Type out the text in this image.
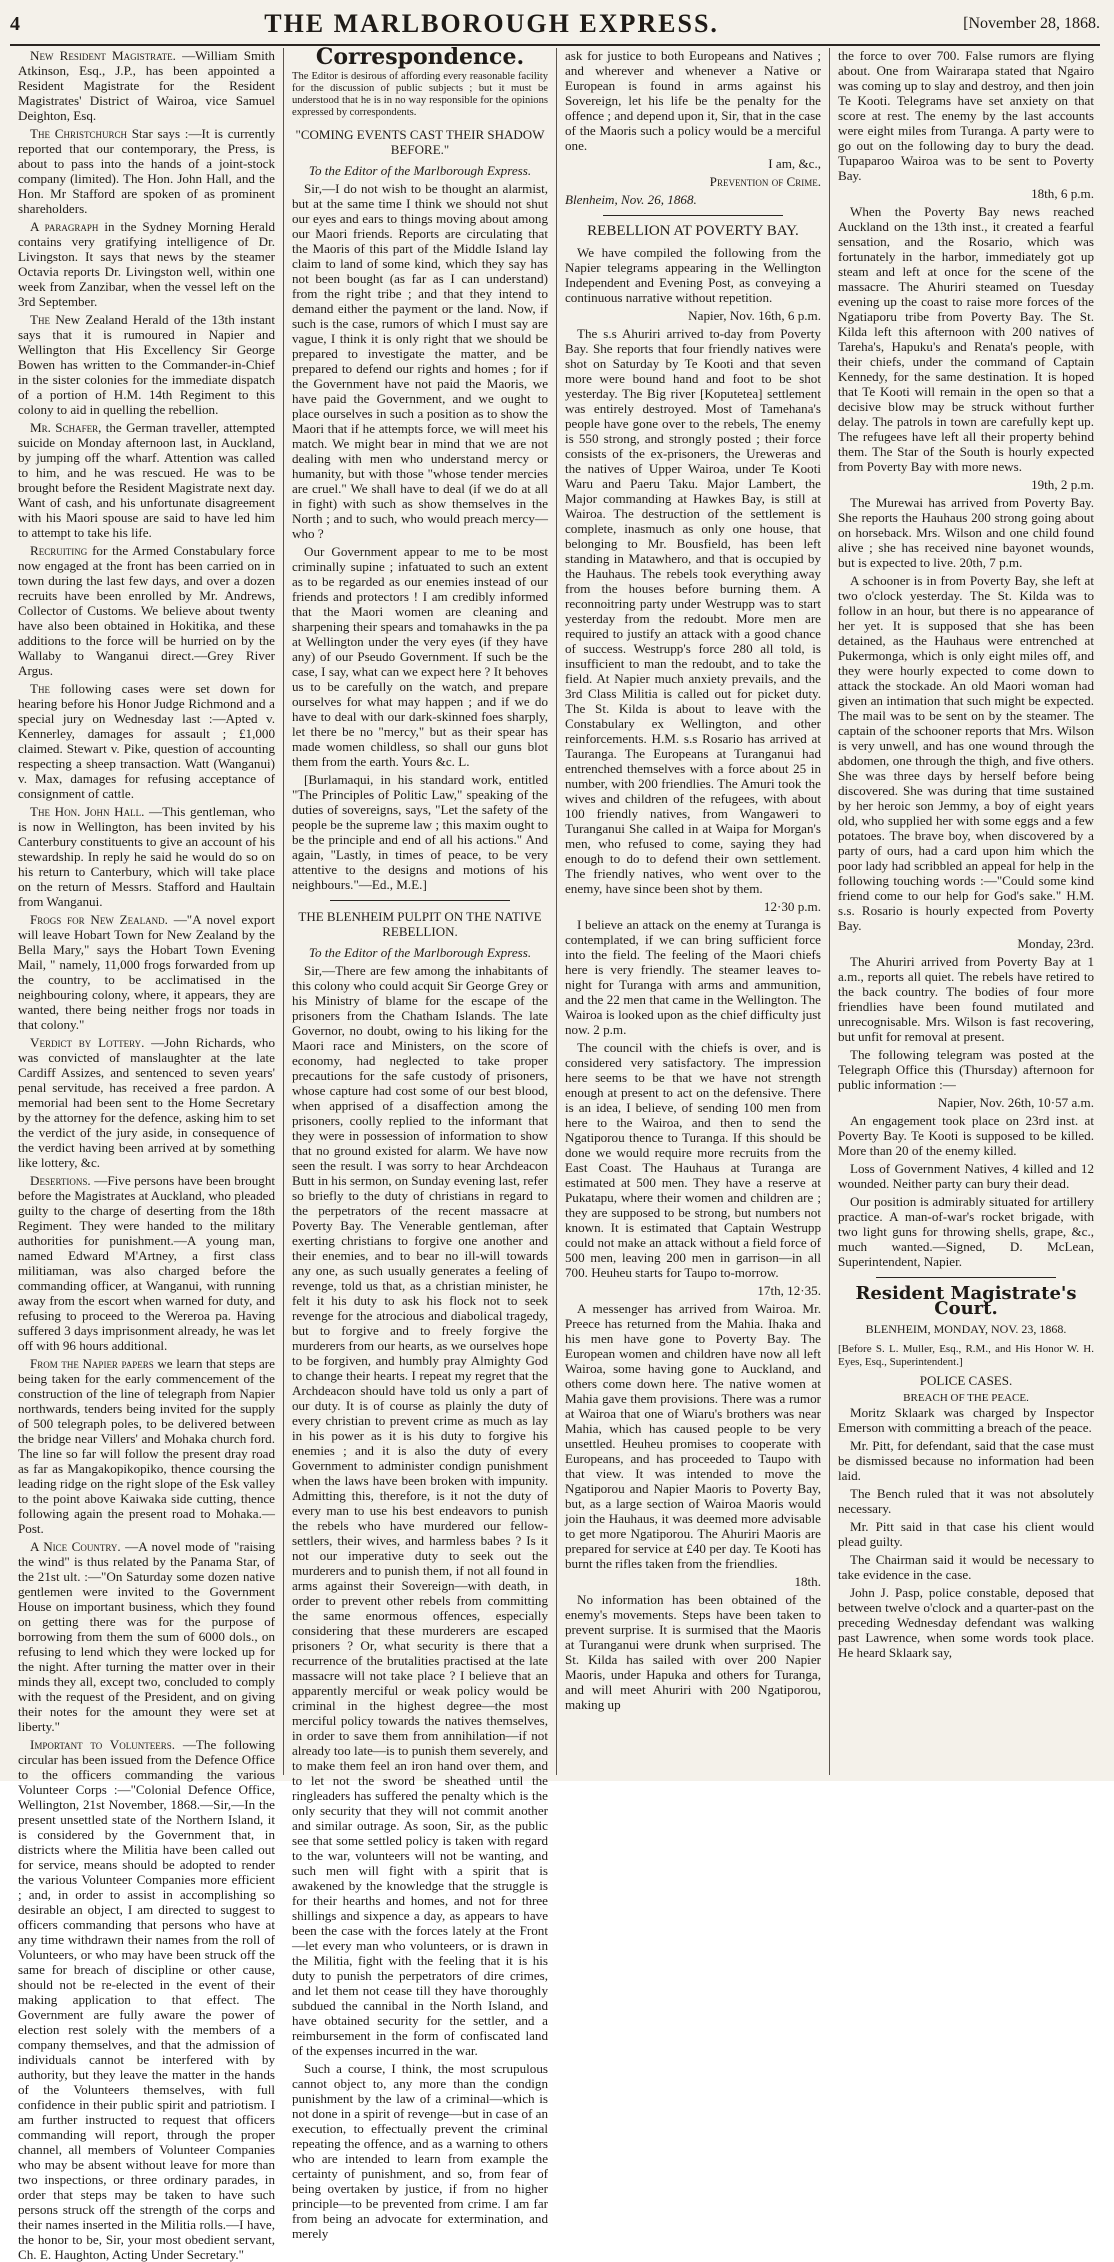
4	THE MARLBOROUGH EXPRESS.	[November 28, 1868.

New Resident Magistrate. —William Smith Atkinson, Esq., J.P., has been appointed a Resident Magistrate for the Resident Magistrates' District of Wairoa, vice Samuel Deighton, Esq.

The Christchurch Star says :—It is currently reported that our contemporary, the Press, is about to pass into the hands of a joint-stock company (limited). The Hon. John Hall, and the Hon. Mr Stafford are spoken of as prominent shareholders.

A paragraph in the Sydney Morning Herald contains very gratifying intelligence of Dr. Livingston. It says that news by the steamer Octavia reports Dr. Livingston well, within one week from Zanzibar, when the vessel left on the 3rd September.

The New Zealand Herald of the 13th instant says that it is rumoured in Napier and Wellington that His Excellency Sir George Bowen has written to the Commander-in-Chief in the sister colonies for the immediate dispatch of a portion of H.M. 14th Regiment to this colony to aid in quelling the rebellion.

Mr. Schafer, the German traveller, attempted suicide on Monday afternoon last, in Auckland, by jumping off the wharf. Attention was called to him, and he was rescued. He was to be brought before the Resident Magistrate next day. Want of cash, and his unfortunate disagreement with his Maori spouse are said to have led him to attempt to take his life.

Recruiting for the Armed Constabulary force now engaged at the front has been carried on in town during the last few days, and over a dozen recruits have been enrolled by Mr. Andrews, Collector of Customs. We believe about twenty have also been obtained in Hokitika, and these additions to the force will be hurried on by the Wallaby to Wanganui direct.—Grey River Argus.

The following cases were set down for hearing before his Honor Judge Richmond and a special jury on Wednesday last :—Apted v. Kennerley, damages for assault ; £1,000 claimed. Stewart v. Pike, question of accounting respecting a sheep transaction. Watt (Wanganui) v. Max, damages for refusing acceptance of consignment of cattle.

The Hon. John Hall. —This gentleman, who is now in Wellington, has been invited by his Canterbury constituents to give an account of his stewardship. In reply he said he would do so on his return to Canterbury, which will take place on the return of Messrs. Stafford and Haultain from Wanganui.

Frogs for New Zealand. —"A novel export will leave Hobart Town for New Zealand by the Bella Mary," says the Hobart Town Evening Mail, " namely, 11,000 frogs forwarded from up the country, to be acclimatised in the neighbouring colony, where, it appears, they are wanted, there being neither frogs nor toads in that colony."

Verdict by Lottery. —John Richards, who was convicted of manslaughter at the late Cardiff Assizes, and sentenced to seven years' penal servitude, has received a free pardon. A memorial had been sent to the Home Secretary by the attorney for the defence, asking him to set the verdict of the jury aside, in consequence of the verdict having been arrived at by something like lottery, &c.

Desertions. —Five persons have been brought before the Magistrates at Auckland, who pleaded guilty to the charge of deserting from the 18th Regiment. They were handed to the military authorities for punishment.—A young man, named Edward M'Artney, a first class militiaman, was also charged before the commanding officer, at Wanganui, with running away from the escort when warned for duty, and refusing to proceed to the Wereroa pa. Having suffered 3 days imprisonment already, he was let off with 96 hours additional.

From the Napier papers we learn that steps are being taken for the early commencement of the construction of the line of telegraph from Napier northwards, tenders being invited for the supply of 500 telegraph poles, to be delivered between the bridge near Villers' and Mohaka church ford. The line so far will follow the present dray road as far as Mangakopikopiko, thence coursing the leading ridge on the right slope of the Esk valley to the point above Kaiwaka side cutting, thence following again the present road to Mohaka.—Post.

A Nice Country. —A novel mode of "raising the wind" is thus related by the Panama Star, of the 21st ult. :—"On Saturday some dozen native gentlemen were invited to the Government House on important business, which they found on getting there was for the purpose of borrowing from them the sum of 6000 dols., on refusing to lend which they were locked up for the night. After turning the matter over in their minds they all, except two, concluded to comply with the request of the President, and on giving their notes for the amount they were set at liberty."

Important to Volunteers. —The following circular has been issued from the Defence Office to the officers commanding the various Volunteer Corps :—"Colonial Defence Office, Wellington, 21st November, 1868.—Sir,—In the present unsettled state of the Northern Island, it is considered by the Government that, in districts where the Militia have been called out for service, means should be adopted to render the various Volunteer Companies more efficient ; and, in order to assist in accomplishing so desirable an object, I am directed to suggest to officers commanding that persons who have at any time withdrawn their names from the roll of Volunteers, or who may have been struck off the same for breach of discipline or other cause, should not be re-elected in the event of their making application to that effect. The Government are fully aware the power of election rest solely with the members of a company themselves, and that the admission of individuals cannot be interfered with by authority, but they leave the matter in the hands of the Volunteers themselves, with full confidence in their public spirit and patriotism. I am further instructed to request that officers commanding will report, through the proper channel, all members of Volunteer Companies who may be absent without leave for more than two inspections, or three ordinary parades, in order that steps may be taken to have such persons struck off the strength of the corps and their names inserted in the Militia rolls.—I have, the honor to be, Sir, your most obedient servant, Ch. E. Haughton, Acting Under Secretary."

Correspondence.

The Editor is desirous of affording every reasonable facility for the discussion of public subjects ; but it must be understood that he is in no way responsible for the opinions expressed by correspondents.

"COMING EVENTS CAST THEIR SHADOW BEFORE."

To the Editor of the Marlborough Express.

Sir,—I do not wish to be thought an alarmist, but at the same time I think we should not shut our eyes and ears to things moving about among our Maori friends. Reports are circulating that the Maoris of this part of the Middle Island lay claim to land of some kind, which they say has not been bought (as far as I can understand) from the right tribe ; and that they intend to demand either the payment or the land. Now, if such is the case, rumors of which I must say are vague, I think it is only right that we should be prepared to investigate the matter, and be prepared to defend our rights and homes ; for if the Government have not paid the Maoris, we have paid the Government, and we ought to place ourselves in such a position as to show the Maori that if he attempts force, we will meet his match. We might bear in mind that we are not dealing with men who understand mercy or humanity, but with those "whose tender mercies are cruel." We shall have to deal (if we do at all in fight) with such as show themselves in the North ; and to such, who would preach mercy—who ?

Our Government appear to me to be most criminally supine ; infatuated to such an extent as to be regarded as our enemies instead of our friends and protectors ! I am credibly informed that the Maori women are cleaning and sharpening their spears and tomahawks in the pa at Wellington under the very eyes (if they have any) of our Pseudo Government. If such be the case, I say, what can we expect here ? It behoves us to be carefully on the watch, and prepare ourselves for what may happen ; and if we do have to deal with our dark-skinned foes sharply, let there be no "mercy," but as their spear has made women childless, so shall our guns blot them from the earth. Yours &c. L.

[Burlamaqui, in his standard work, entitled "The Principles of Politic Law," speaking of the duties of sovereigns, says, "Let the safety of the people be the supreme law ; this maxim ought to be the principle and end of all his actions." And again, "Lastly, in times of peace, to be very attentive to the designs and motions of his neighbours."—Ed., M.E.]

THE BLENHEIM PULPIT ON THE NATIVE REBELLION.

To the Editor of the Marlborough Express.

Sir,—There are few among the inhabitants of this colony who could acquit Sir George Grey or his Ministry of blame for the escape of the prisoners from the Chatham Islands. The late Governor, no doubt, owing to his liking for the Maori race and Ministers, on the score of economy, had neglected to take proper precautions for the safe custody of prisoners, whose capture had cost some of our best blood, when apprised of a disaffection among the prisoners, coolly replied to the informant that they were in possession of information to show that no ground existed for alarm. We have now seen the result. I was sorry to hear Archdeacon Butt in his sermon, on Sunday evening last, refer so briefly to the duty of christians in regard to the perpetrators of the recent massacre at Poverty Bay. The Venerable gentleman, after exerting christians to forgive one another and their enemies, and to bear no ill-will towards any one, as such usually generates a feeling of revenge, told us that, as a christian minister, he felt it his duty to ask his flock not to seek revenge for the atrocious and diabolical tragedy, but to forgive and to freely forgive the murderers from our hearts, as we ourselves hope to be forgiven, and humbly pray Almighty God to change their hearts. I repeat my regret that the Archdeacon should have told us only a part of our duty. It is of course as plainly the duty of every christian to prevent crime as much as lay in his power as it is his duty to forgive his enemies ; and it is also the duty of every Government to administer condign punishment when the laws have been broken with impunity. Admitting this, therefore, is it not the duty of every man to use his best endeavors to punish the rebels who have murdered our fellow-settlers, their wives, and harmless babes ? Is it not our imperative duty to seek out the murderers and to punish them, if not all found in arms against their Sovereign—with death, in order to prevent other rebels from committing the same enormous offences, especially considering that these murderers are escaped prisoners ? Or, what security is there that a recurrence of the brutalities practised at the late massacre will not take place ? I believe that an apparently merciful or weak policy would be criminal in the highest degree—the most merciful policy towards the natives themselves, in order to save them from annihilation—if not already too late—is to punish them severely, and to make them feel an iron hand over them, and to let not the sword be sheathed until the ringleaders has suffered the penalty which is the only security that they will not commit another and similar outrage. As soon, Sir, as the public see that some settled policy is taken with regard to the war, volunteers will not be wanting, and such men will fight with a spirit that is awakened by the knowledge that the struggle is for their hearths and homes, and not for three shillings and sixpence a day, as appears to have been the case with the forces lately at the Front—let every man who volunteers, or is drawn in the Militia, fight with the feeling that it is his duty to punish the perpetrators of dire crimes, and let them not cease till they have thoroughly subdued the cannibal in the North Island, and have obtained security for the settler, and a reimbursement in the form of confiscated land of the expenses incurred in the war.

Such a course, I think, the most scrupulous cannot object to, any more than the condign punishment by the law of a criminal—which is not done in a spirit of revenge—but in case of an execution, to effectually prevent the criminal repeating the offence, and as a warning to others who are intended to learn from example the certainty of punishment, and so, from fear of being overtaken by justice, if from no higher principle—to be prevented from crime. I am far from being an advocate for extermination, and merely

ask for justice to both Europeans and Natives ; and wherever and whenever a Native or European is found in arms against his Sovereign, let his life be the penalty for the offence ; and depend upon it, Sir, that in the case of the Maoris such a policy would be a merciful one.

I am, &c.,

Prevention of Crime.

Blenheim, Nov. 26, 1868.

REBELLION AT POVERTY BAY.

We have compiled the following from the Napier telegrams appearing in the Wellington Independent and Evening Post, as conveying a continuous narrative without repetition.

Napier, Nov. 16th, 6 p.m.

The s.s Ahuriri arrived to-day from Poverty Bay. She reports that four friendly natives were shot on Saturday by Te Kooti and that seven more were bound hand and foot to be shot yesterday. The Big river [Koputetea] settlement was entirely destroyed. Most of Tamehana's people have gone over to the rebels, The enemy is 550 strong, and strongly posted ; their force consists of the ex-prisoners, the Ureweras and the natives of Upper Wairoa, under Te Kooti Waru and Paeru Taku. Major Lambert, the Major commanding at Hawkes Bay, is still at Wairoa. The destruction of the settlement is complete, inasmuch as only one house, that belonging to Mr. Bousfield, has been left standing in Matawhero, and that is occupied by the Hauhaus. The rebels took everything away from the houses before burning them. A reconnoitring party under Westrupp was to start yesterday from the redoubt. More men are required to justify an attack with a good chance of success. Westrupp's force 280 all told, is insufficient to man the redoubt, and to take the field. At Napier much anxiety prevails, and the 3rd Class Militia is called out for picket duty. The St. Kilda is about to leave with the Constabulary ex Wellington, and other reinforcements. H.M. s.s Rosario has arrived at Tauranga. The Europeans at Turanganui had entrenched themselves with a force about 25 in number, with 200 friendlies. The Amuri took the wives and children of the refugees, with about 100 friendly natives, from Wangaweri to Turanganui She called in at Waipa for Morgan's men, who refused to come, saying they had enough to do to defend their own settlement. The friendly natives, who went over to the enemy, have since been shot by them.

12·30 p.m.

I believe an attack on the enemy at Turanga is contemplated, if we can bring sufficient force into the field. The feeling of the Maori chiefs here is very friendly. The steamer leaves to-night for Turanga with arms and ammunition, and the 22 men that came in the Wellington. The Wairoa is looked upon as the chief difficulty just now. 2 p.m.

The council with the chiefs is over, and is considered very satisfactory. The impression here seems to be that we have not strength enough at present to act on the defensive. There is an idea, I believe, of sending 100 men from here to the Wairoa, and then to send the Ngatiporou thence to Turanga. If this should be done we would require more recruits from the East Coast. The Hauhaus at Turanga are estimated at 500 men. They have a reserve at Pukatapu, where their women and children are ; they are supposed to be strong, but numbers not known. It is estimated that Captain Westrupp could not make an attack without a field force of 500 men, leaving 200 men in garrison—in all 700. Heuheu starts for Taupo to-morrow.

17th, 12·35.

A messenger has arrived from Wairoa. Mr. Preece has returned from the Mahia. Ihaka and his men have gone to Poverty Bay. The European women and children have now all left Wairoa, some having gone to Auckland, and others come down here. The native women at Mahia gave them provisions. There was a rumor at Wairoa that one of Wiaru's brothers was near Mahia, which has caused people to be very unsettled. Heuheu promises to cooperate with Europeans, and has proceeded to Taupo with that view. It was intended to move the Ngatiporou and Napier Maoris to Poverty Bay, but, as a large section of Wairoa Maoris would join the Hauhaus, it was deemed more advisable to get more Ngatiporou. The Ahuriri Maoris are prepared for service at £40 per day. Te Kooti has burnt the rifles taken from the friendlies.

18th.

No information has been obtained of the enemy's movements. Steps have been taken to prevent surprise. It is surmised that the Maoris at Turanganui were drunk when surprised. The St. Kilda has sailed with over 200 Napier Maoris, under Hapuka and others for Turanga, and will meet Ahuriri with 200 Ngatiporou, making up

the force to over 700. False rumors are flying about. One from Wairarapa stated that Ngairo was coming up to slay and destroy, and then join Te Kooti. Telegrams have set anxiety on that score at rest. The enemy by the last accounts were eight miles from Turanga. A party were to go out on the following day to bury the dead. Tupaparoo Wairoa was to be sent to Poverty Bay.

18th, 6 p.m.

When the Poverty Bay news reached Auckland on the 13th inst., it created a fearful sensation, and the Rosario, which was fortunately in the harbor, immediately got up steam and left at once for the scene of the massacre. The Ahuriri steamed on Tuesday evening up the coast to raise more forces of the Ngatiaporu tribe from Poverty Bay. The St. Kilda left this afternoon with 200 natives of Tareha's, Hapuku's and Renata's people, with their chiefs, under the command of Captain Kennedy, for the same destination. It is hoped that Te Kooti will remain in the open so that a decisive blow may be struck without further delay. The patrols in town are carefully kept up. The refugees have left all their property behind them. The Star of the South is hourly expected from Poverty Bay with more news.

19th, 2 p.m.

The Murewai has arrived from Poverty Bay. She reports the Hauhaus 200 strong going about on horseback. Mrs. Wilson and one child found alive ; she has received nine bayonet wounds, but is expected to live. 20th, 7 p.m.

A schooner is in from Poverty Bay, she left at two o'clock yesterday. The St. Kilda was to follow in an hour, but there is no appearance of her yet. It is supposed that she has been detained, as the Hauhaus were entrenched at Pukermonga, which is only eight miles off, and they were hourly expected to come down to attack the stockade. An old Maori woman had given an intimation that such might be expected. The mail was to be sent on by the steamer. The captain of the schooner reports that Mrs. Wilson is very unwell, and has one wound through the abdomen, one through the thigh, and five others. She was three days by herself before being discovered. She was during that time sustained by her heroic son Jemmy, a boy of eight years old, who supplied her with some eggs and a few potatoes. The brave boy, when discovered by a party of ours, had a card upon him which the poor lady had scribbled an appeal for help in the following touching words :—"Could some kind friend come to our help for God's sake." H.M. s.s. Rosario is hourly expected from Poverty Bay.

Monday, 23rd.

The Ahuriri arrived from Poverty Bay at 1 a.m., reports all quiet. The rebels have retired to the back country. The bodies of four more friendlies have been found mutilated and unrecognisable. Mrs. Wilson is fast recovering, but unfit for removal at present.

The following telegram was posted at the Telegraph Office this (Thursday) afternoon for public information :—

Napier, Nov. 26th, 10·57 a.m.

An engagement took place on 23rd inst. at Poverty Bay. Te Kooti is supposed to be killed. More than 20 of the enemy killed.

Loss of Government Natives, 4 killed and 12 wounded. Neither party can bury their dead.

Our position is admirably situated for artillery practice. A man-of-war's rocket brigade, with two light guns for throwing shells, grape, &c., much wanted.—Signed, D. McLean, Superintendent, Napier.

Resident Magistrate's Court.
BLENHEIM, MONDAY, NOV. 23, 1868.

[Before S. L. Muller, Esq., R.M., and His Honor W. H. Eyes, Esq., Superintendent.]

POLICE CASES.
BREACH OF THE PEACE.

Moritz Sklaark was charged by Inspector Emerson with committing a breach of the peace.

Mr. Pitt, for defendant, said that the case must be dismissed because no information had been laid.

The Bench ruled that it was not absolutely necessary.

Mr. Pitt said in that case his client would plead guilty.

The Chairman said it would be necessary to take evidence in the case.

John J. Pasp, police constable, deposed that between twelve o'clock and a quarter-past on the preceding Wednesday defendant was walking past Lawrence, when some words took place. He heard Sklaark say,
